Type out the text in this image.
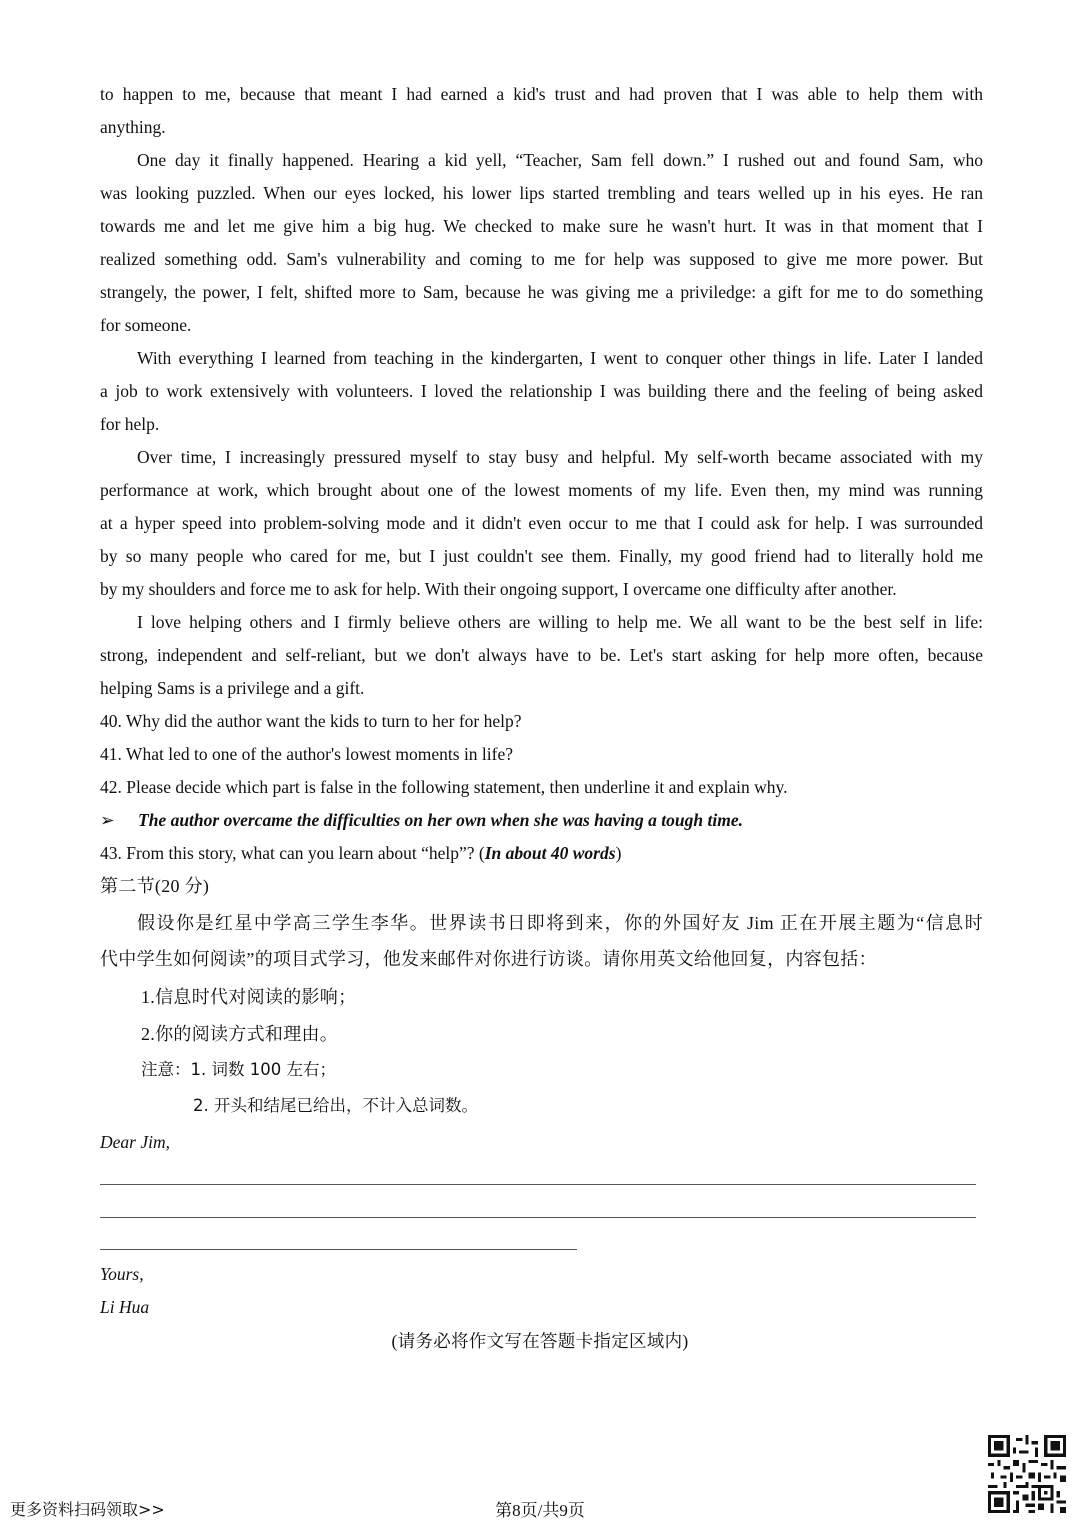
to happen to me, because that meant I had earned a kid's trust and had proven that I was able to help them with
anything.
One day it finally happened. Hearing a kid yell, “Teacher, Sam fell down.” I rushed out and found Sam, who
was looking puzzled. When our eyes locked, his lower lips started trembling and tears welled up in his eyes. He ran
towards me and let me give him a big hug. We checked to make sure he wasn't hurt. It was in that moment that I
realized something odd. Sam's vulnerability and coming to me for help was supposed to give me more power. But
strangely, the power, I felt, shifted more to Sam, because he was giving me a priviledge: a gift for me to do something
for someone.
With everything I learned from teaching in the kindergarten, I went to conquer other things in life. Later I landed
a job to work extensively with volunteers. I loved the relationship I was building there and the feeling of being asked
for help.
Over time, I increasingly pressured myself to stay busy and helpful. My self-worth became associated with my
performance at work, which brought about one of the lowest moments of my life. Even then, my mind was running
at a hyper speed into problem-solving mode and it didn't even occur to me that I could ask for help. I was surrounded
by so many people who cared for me, but I just couldn't see them. Finally, my good friend had to literally hold me
by my shoulders and force me to ask for help. With their ongoing support, I overcame one difficulty after another.
I love helping others and I firmly believe others are willing to help me. We all want to be the best self in life:
strong, independent and self-reliant, but we don't always have to be. Let's start asking for help more often, because
helping Sams is a privilege and a gift.
40. Why did the author want the kids to turn to her for help?
41. What led to one of the author's lowest moments in life?
42. Please decide which part is false in the following statement, then underline it and explain why.
➢ The author overcame the difficulties on her own when she was having a tough time.
43. From this story, what can you learn about “help”? (In about 40 words)
第二节(20 分)
假设你是红星中学高三学生李华。世界读书日即将到来，你的外国好友 Jim 正在开展主题为“信息时
代中学生如何阅读”的项目式学习，他发来邮件对你进行访谈。请你用英文给他回复，内容包括：
1.信息时代对阅读的影响；
2.你的阅读方式和理由。
注意：1. 词数 100 左右；
2. 开头和结尾已给出，不计入总词数。
Dear Jim,
Yours,
Li Hua
(请务必将作文写在答题卡指定区域内)
更多资料扫码领取>>	第8页/共9页
